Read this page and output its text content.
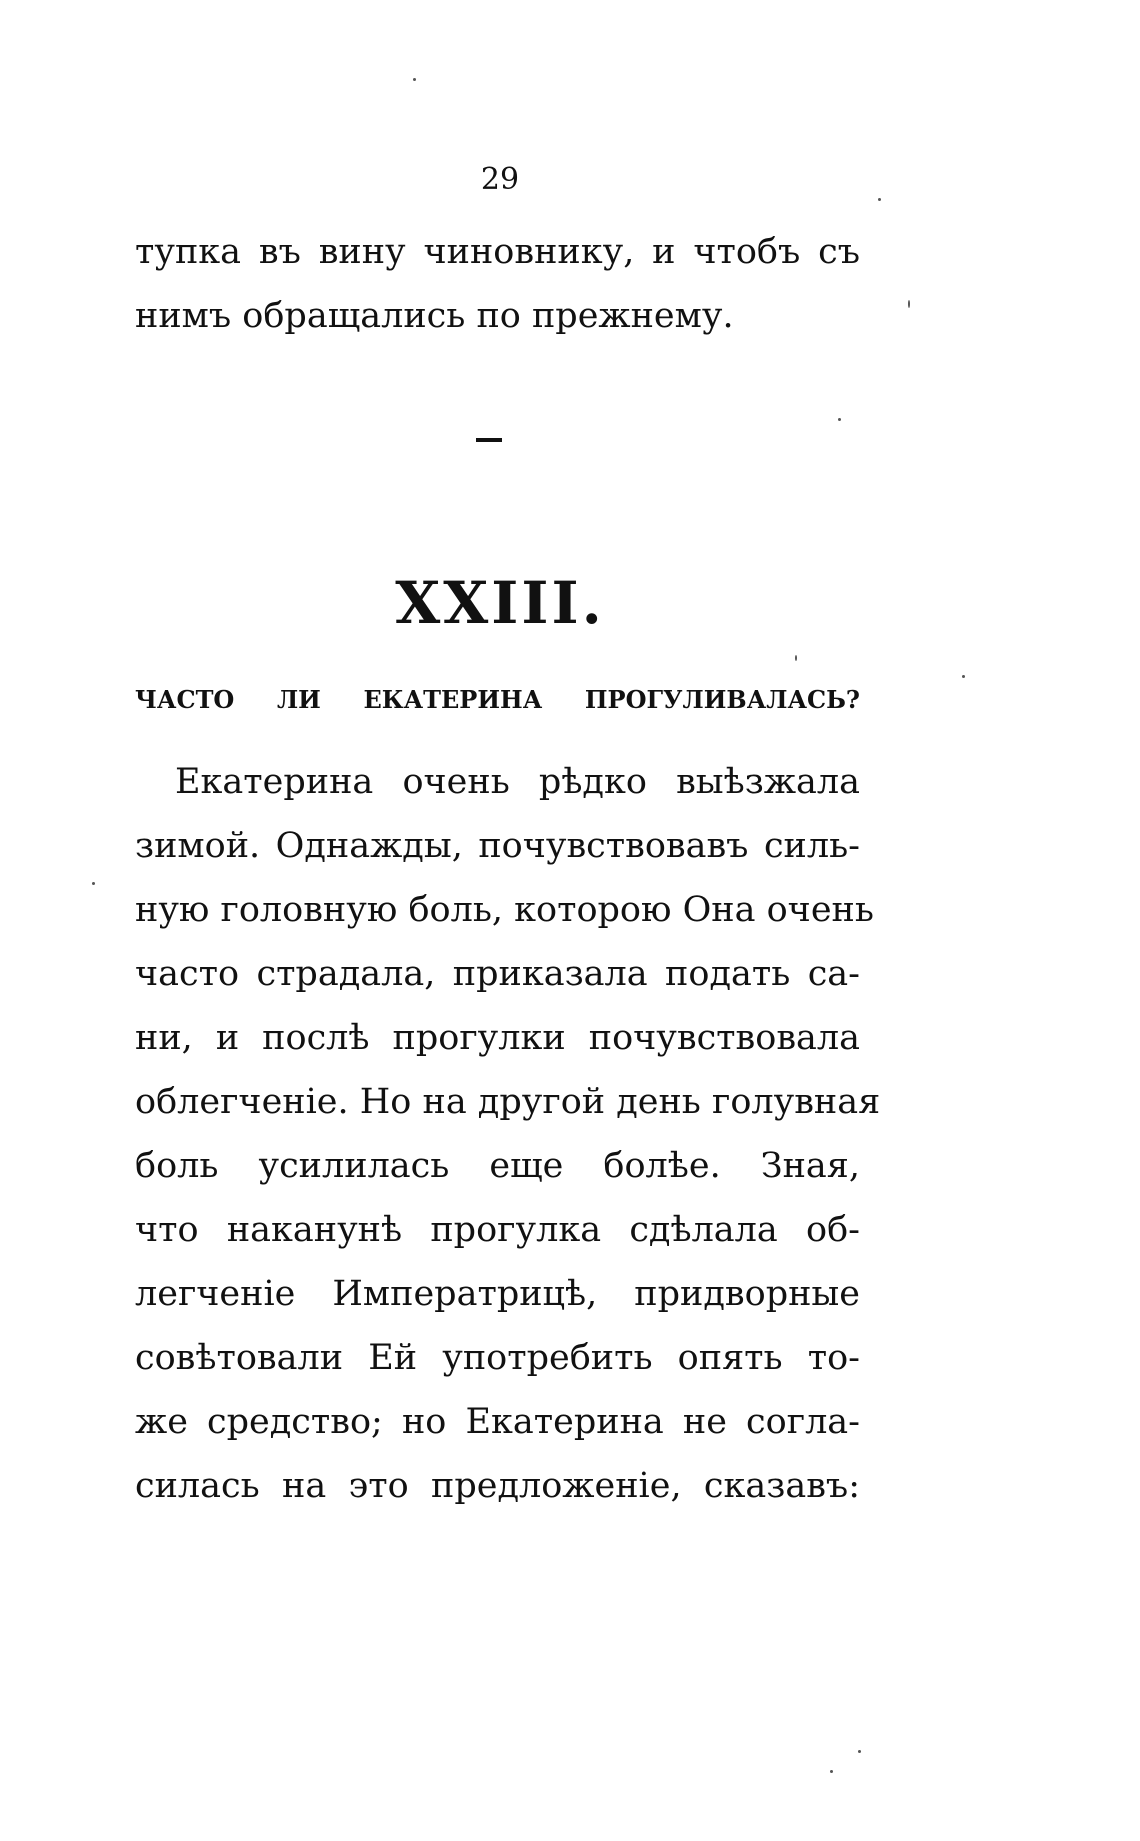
29
тупка въ вину чиновнику, и чтобъ съ
нимъ обращались по прежнему.
XXIII.
ЧАСТО ЛИ ЕКАТЕРИНА ПРОГУЛИВАЛАСЬ?
Екатерина очень рѣдко выѣзжала
зимой. Однажды, почувствовавъ силь-
ную головную боль, которою Она очень
часто страдала, приказала подать са-
ни, и послѣ прогулки почувствовала
облегченіе. Но на другой день голувная
боль усилилась еще болѣе. Зная,
что наканунѣ прогулка сдѣлала об-
легченіе Императрицѣ, придворные
совѣтовали Ей употребить опять то-
же средство; но Екатерина не согла-
силась на это предложеніе, сказавъ:
